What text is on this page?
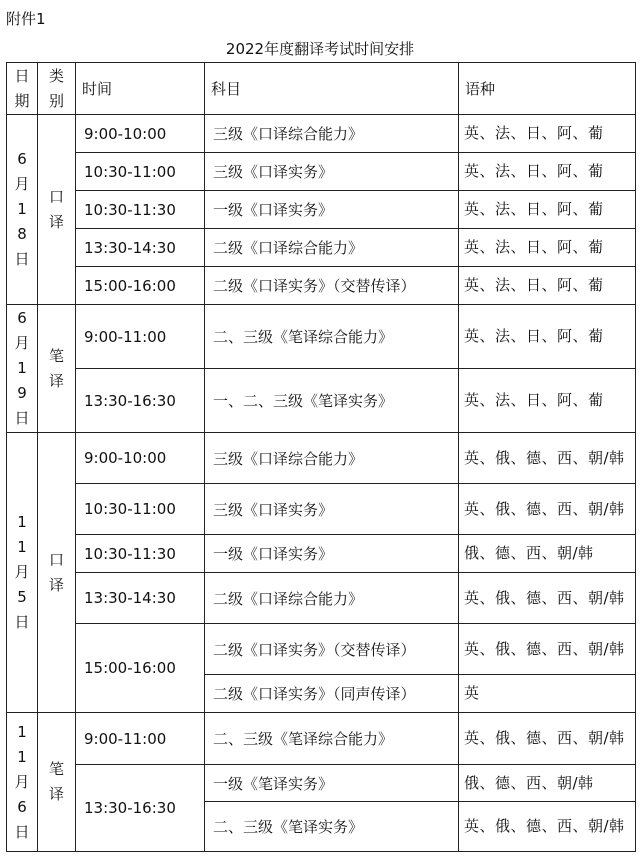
附件1
2022年度翻译考试时间安排
日期	类别	时间	科目	语种
6月18日	口译	9:00-10:00	三级《口译综合能力》	英、法、日、阿、葡
		10:30-11:00	三级《口译实务》	英、法、日、阿、葡
		10:30-11:30	一级《口译实务》	英、法、日、阿、葡
		13:30-14:30	二级《口译综合能力》	英、法、日、阿、葡
		15:00-16:00	二级《口译实务》（交替传译）	英、法、日、阿、葡
6月19日	笔译	9:00-11:00	二、三级《笔译综合能力》	英、法、日、阿、葡
		13:30-16:30	一、二、三级《笔译实务》	英、法、日、阿、葡
11月5日	口译	9:00-10:00	三级《口译综合能力》	英、俄、德、西、朝/韩
		10:30-11:00	三级《口译实务》	英、俄、德、西、朝/韩
		10:30-11:30	一级《口译实务》	俄、德、西、朝/韩
		13:30-14:30	二级《口译综合能力》	英、俄、德、西、朝/韩
		15:00-16:00	二级《口译实务》（交替传译）	英、俄、德、西、朝/韩
			二级《口译实务》（同声传译）	英
11月6日	笔译	9:00-11:00	二、三级《笔译综合能力》	英、俄、德、西、朝/韩
		13:30-16:30	一级《笔译实务》	俄、德、西、朝/韩
			二、三级《笔译实务》	英、俄、德、西、朝/韩
